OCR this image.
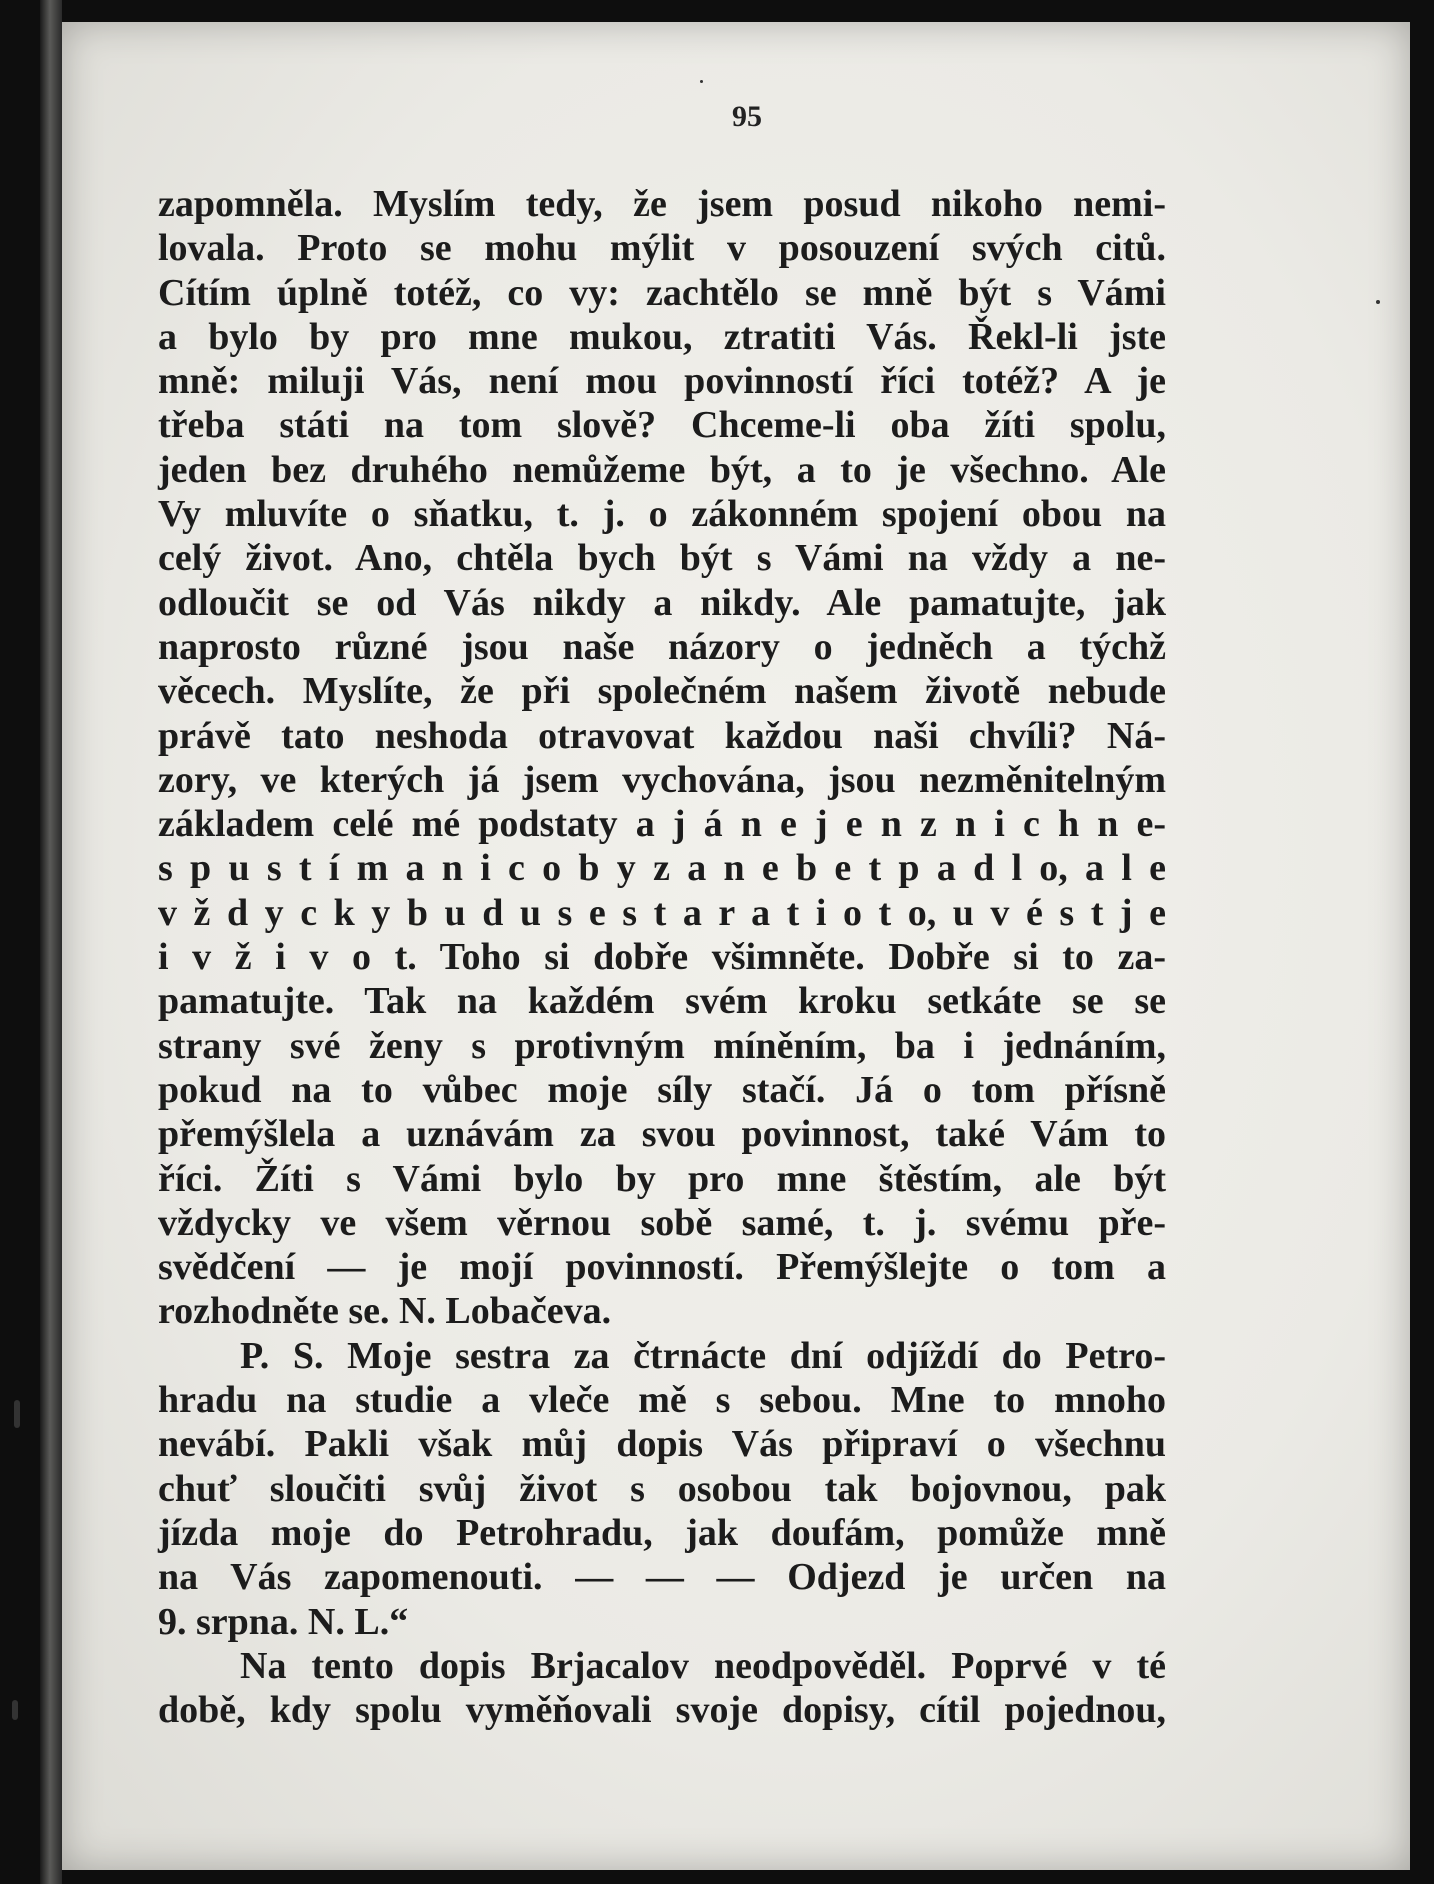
95
zapomněla. Myslím tedy, že jsem posud nikoho nemi-
lovala. Proto se mohu mýlit v posouzení svých citů.
Cítím úplně totéž, co vy: zachtělo se mně být s Vámi
a bylo by pro mne mukou, ztratiti Vás. Řekl-li jste
mně: miluji Vás, není mou povinností říci totéž? A je
třeba státi na tom slově? Chceme-li oba žíti spolu,
jeden bez druhého nemůžeme být, a to je všechno. Ale
Vy mluvíte o sňatku, t. j. o zákonném spojení obou na
celý život. Ano, chtěla bych být s Vámi na vždy a ne-
odloučit se od Vás nikdy a nikdy. Ale pamatujte, jak
naprosto různé jsou naše názory o jedněch a týchž
věcech. Myslíte, že při společném našem životě nebude
právě tato neshoda otravovat každou naši chvíli? Ná-
zory, ve kterých já jsem vychována, jsou nezměnitelným
základem celé mé podstaty a j á n e j e n z n i c h n e-
s p u s t í m a n i c o b y z a n e b e t p a d l o, a l e
v ž d y c k y b u d u s e s t a r a t i o t o, u v é s t j e
i v ž i v o t. Toho si dobře všimněte. Dobře si to za-
pamatujte. Tak na každém svém kroku setkáte se se
strany své ženy s protivným míněním, ba i jednáním,
pokud na to vůbec moje síly stačí. Já o tom přísně
přemýšlela a uznávám za svou povinnost, také Vám to
říci. Žíti s Vámi bylo by pro mne štěstím, ale být
vždycky ve všem věrnou sobě samé, t. j. svému pře-
svědčení — je mojí povinností. Přemýšlejte o tom a
rozhodněte se. N. Lobačeva.
P. S. Moje sestra za čtrnácte dní odjíždí do Petro-
hradu na studie a vleče mě s sebou. Mne to mnoho
nevábí. Pakli však můj dopis Vás připraví o všechnu
chuť sloučiti svůj život s osobou tak bojovnou, pak
jízda moje do Petrohradu, jak doufám, pomůže mně
na Vás zapomenouti. — — — Odjezd je určen na
9. srpna. N. L.“
Na tento dopis Brjacalov neodpověděl. Poprvé v té
době, kdy spolu vyměňovali svoje dopisy, cítil pojednou,
